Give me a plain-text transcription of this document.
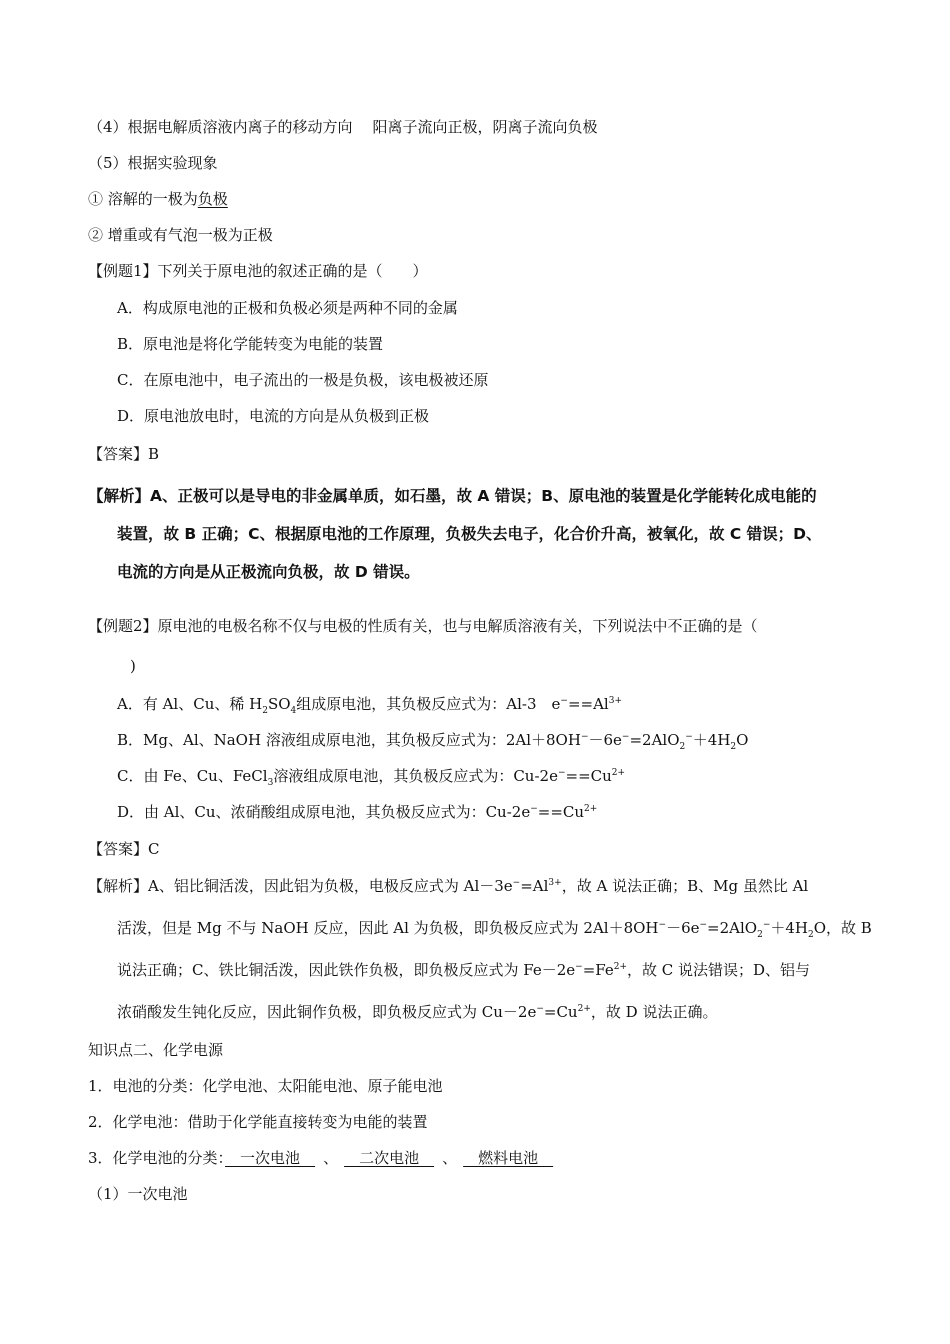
（4）根据电解质溶液内离子的移动方向 阳离子流向正极，阴离子流向负极
（5）根据实验现象
① 溶解的一极为负极
② 增重或有气泡一极为正极
【例题1】下列关于原电池的叙述正确的是（　　）
A．构成原电池的正极和负极必须是两种不同的金属
B．原电池是将化学能转变为电能的装置
C．在原电池中，电子流出的一极是负极，该电极被还原
D．原电池放电时，电流的方向是从负极到正极
【答案】B
【解析】A、正极可以是导电的非金属单质，如石墨，故 A 错误；B、原电池的装置是化学能转化成电能的
装置，故 B 正确；C、根据原电池的工作原理，负极失去电子，化合价升高，被氧化，故 C 错误；D、
电流的方向是从正极流向负极，故 D 错误。
【例题2】原电池的电极名称不仅与电极的性质有关，也与电解质溶液有关，下列说法中不正确的是（
)
A．有 Al、Cu、稀 $H_2SO_4$组成原电池，其负极反应式为：Al-3　$e^-==Al^{3+}$
B．Mg、Al、NaOH 溶液组成原电池，其负极反应式为：$2Al+8OH^--6e^-=2AlO_2^-+4H_2O$
C．由 Fe、Cu、FeCl$_3$溶液组成原电池，其负极反应式为：$Cu-2e^-==Cu^{2+}$
D．由 Al、Cu、浓硝酸组成原电池，其负极反应式为：$Cu-2e^-==Cu^{2+}$
【答案】C
【解析】A、铝比铜活泼，因此铝为负极，电极反应式为 $Al-3e^-=Al^{3+}$，故 A 说法正确；B、Mg 虽然比 Al
活泼，但是 Mg 不与 NaOH 反应，因此 Al 为负极，即负极反应式为 $2Al+8OH^--6e^-=2AlO_2^-+4H_2O$，故 B
说法正确；C、铁比铜活泼，因此铁作负极，即负极反应式为 $Fe-2e^-=Fe^{2+}$，故 C 说法错误；D、铝与
浓硝酸发生钝化反应，因此铜作负极，即负极反应式为 $Cu-2e^-=Cu^{2+}$，故 D 说法正确。
知识点二、化学电源
1．电池的分类：化学电池、太阳能电池、原子能电池
2．化学电池：借助于化学能直接转变为电能的装置
3．化学电池的分类：　一次电池　、　二次电池　、　燃料电池　
（1）一次电池
